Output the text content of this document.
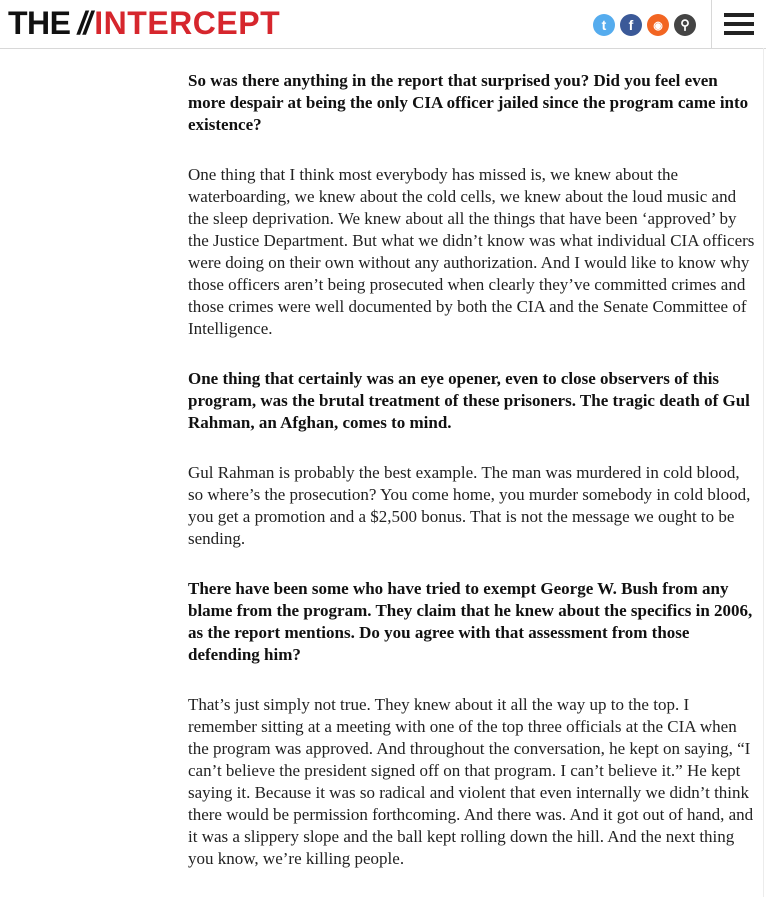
THE // INTERCEPT	t f ◉ ⚲

So was there anything in the report that surprised you? Did you feel even more despair at being the only CIA officer jailed since the program came into existence?

One thing that I think most everybody has missed is, we knew about the waterboarding, we knew about the cold cells, we knew about the loud music and the sleep deprivation. We knew about all the things that have been ‘approved’ by the Justice Department. But what we didn’t know was what individual CIA officers were doing on their own without any authorization. And I would like to know why those officers aren’t being prosecuted when clearly they’ve committed crimes and those crimes were well documented by both the CIA and the Senate Committee of Intelligence.

One thing that certainly was an eye opener, even to close observers of this program, was the brutal treatment of these prisoners. The tragic death of Gul Rahman, an Afghan, comes to mind.

Gul Rahman is probably the best example. The man was murdered in cold blood, so where’s the prosecution? You come home, you murder somebody in cold blood, you get a promotion and a $2,500 bonus. That is not the message we ought to be sending.

There have been some who have tried to exempt George W. Bush from any blame from the program. They claim that he knew about the specifics in 2006, as the report mentions. Do you agree with that assessment from those defending him?

That’s just simply not true. They knew about it all the way up to the top. I remember sitting at a meeting with one of the top three officials at the CIA when the program was approved. And throughout the conversation, he kept on saying, “I can’t believe the president signed off on that program. I can’t believe it.” He kept saying it. Because it was so radical and violent that even internally we didn’t think there would be permission forthcoming. And there was. And it got out of hand, and it was a slippery slope and the ball kept rolling down the hill. And the next thing you know, we’re killing people.
